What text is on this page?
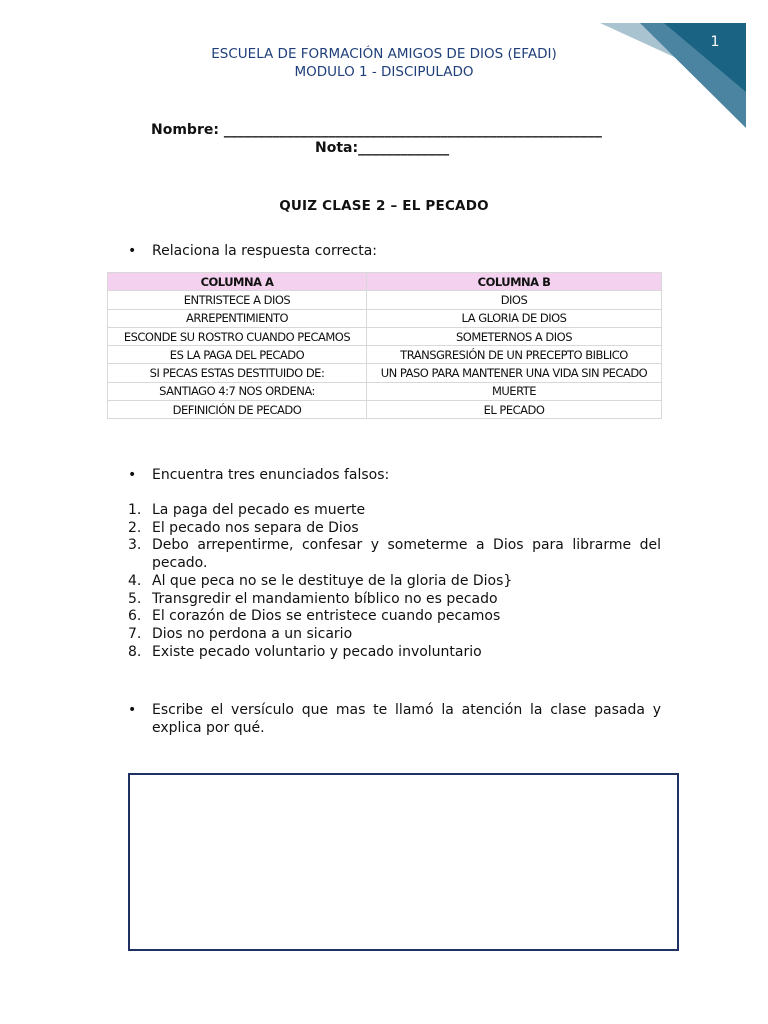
1
ESCUELA DE FORMACIÓN AMIGOS DE DIOS (EFADI)
MODULO 1 - DISCIPULADO
Nombre: ______________________________________________________
Nota:_____________
QUIZ CLASE 2 – EL PECADO
• Relaciona la respuesta correcta:
COLUMNA A	COLUMNA B
ENTRISTECE A DIOS	DIOS
ARREPENTIMIENTO	LA GLORIA DE DIOS
ESCONDE SU ROSTRO CUANDO PECAMOS	SOMETERNOS A DIOS
ES LA PAGA DEL PECADO	TRANSGRESIÓN DE UN PRECEPTO BIBLICO
SI PECAS ESTAS DESTITUIDO DE:	UN PASO PARA MANTENER UNA VIDA SIN PECADO
SANTIAGO 4:7 NOS ORDENA:	MUERTE
DEFINICIÓN DE PECADO	EL PECADO
• Encuentra tres enunciados falsos:
1. La paga del pecado es muerte
2. El pecado nos separa de Dios
3. Debo arrepentirme, confesar y someterme a Dios para librarme del pecado.
4. Al que peca no se le destituye de la gloria de Dios}
5. Transgredir el mandamiento bíblico no es pecado
6. El corazón de Dios se entristece cuando pecamos
7. Dios no perdona a un sicario
8. Existe pecado voluntario y pecado involuntario
• Escribe el versículo que mas te llamó la atención la clase pasada y explica por qué.
